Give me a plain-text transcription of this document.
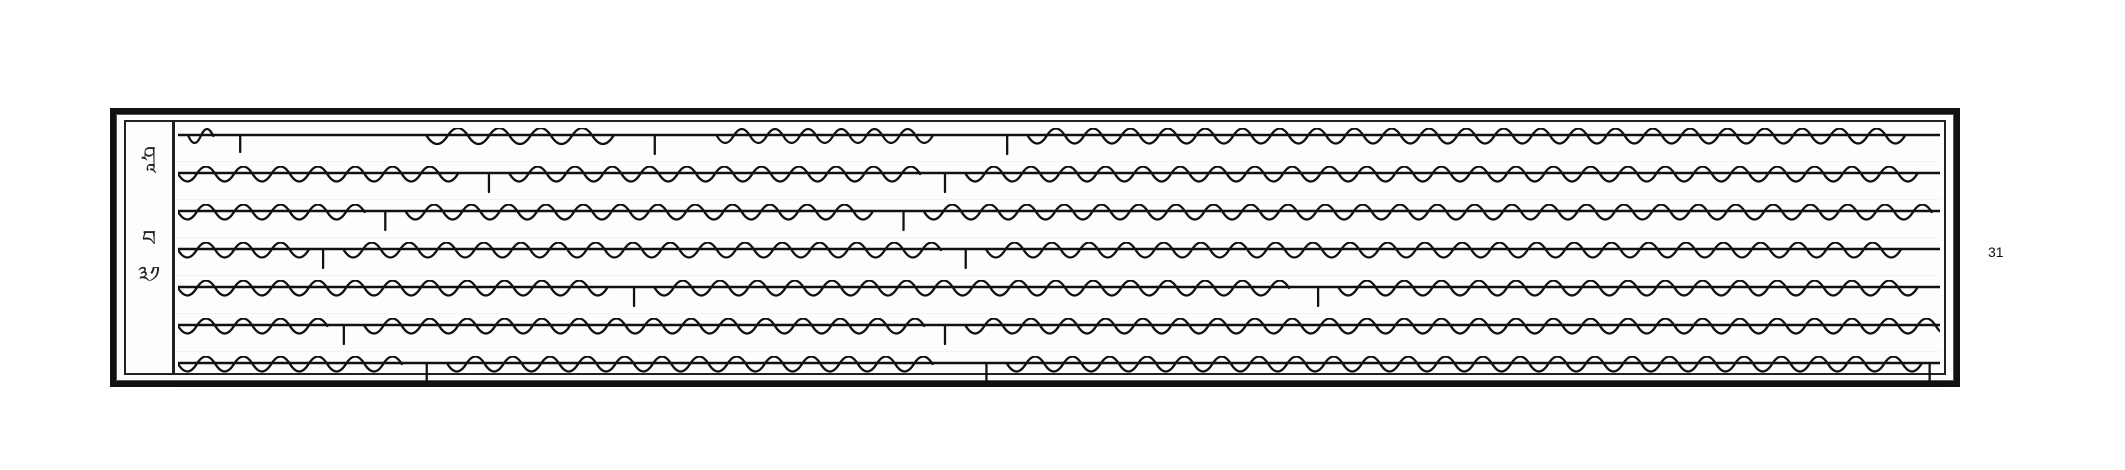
ཤཱ
བ
༣༡
31
